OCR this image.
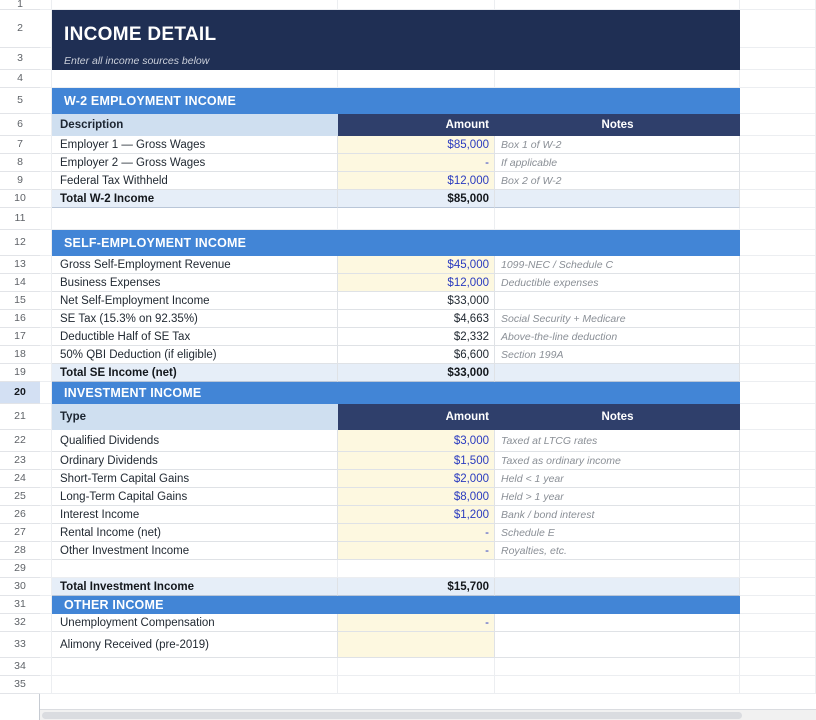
1
2
3
4
5
6
7
8
9
10
11
12
13
14
15
16
17
18
19
20
21
22
23
24
25
26
27
28
29
30
31
32
33
34
35
INCOME DETAIL
Enter all income sources below
W-2 EMPLOYMENT INCOME
Description	Amount	Notes
Employer 1 — Gross Wages	$85,000	Box 1 of W-2
Employer 2 — Gross Wages	-	If applicable
Federal Tax Withheld	$12,000	Box 2 of W-2
Total W-2 Income	$85,000
SELF-EMPLOYMENT INCOME
Gross Self-Employment Revenue	$45,000	1099-NEC / Schedule C
Business Expenses	$12,000	Deductible expenses
Net Self-Employment Income	$33,000
SE Tax (15.3% on 92.35%)	$4,663	Social Security + Medicare
Deductible Half of SE Tax	$2,332	Above-the-line deduction
50% QBI Deduction (if eligible)	$6,600	Section 199A
Total SE Income (net)	$33,000
INVESTMENT INCOME
Type	Amount	Notes
Qualified Dividends	$3,000	Taxed at LTCG rates
Ordinary Dividends	$1,500	Taxed as ordinary income
Short-Term Capital Gains	$2,000	Held < 1 year
Long-Term Capital Gains	$8,000	Held > 1 year
Interest Income	$1,200	Bank / bond interest
Rental Income (net)	-	Schedule E
Other Investment Income	-	Royalties, etc.
Total Investment Income	$15,700
OTHER INCOME
Unemployment Compensation	-
Alimony Received (pre-2019)
